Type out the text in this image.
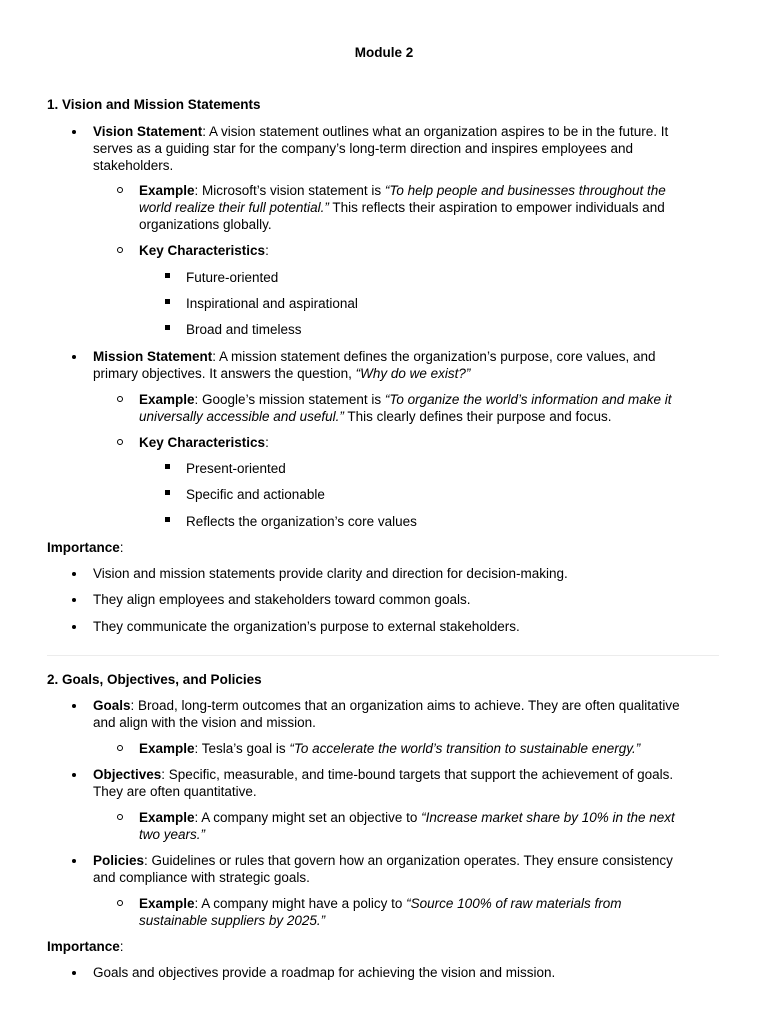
Module 2
1. Vision and Mission Statements
Vision Statement: A vision statement outlines what an organization aspires to be in the future. It
serves as a guiding star for the company’s long-term direction and inspires employees and
stakeholders.
Example: Microsoft’s vision statement is “To help people and businesses throughout the
world realize their full potential.” This reflects their aspiration to empower individuals and
organizations globally.
Key Characteristics:
Future-oriented
Inspirational and aspirational
Broad and timeless
Mission Statement: A mission statement defines the organization’s purpose, core values, and
primary objectives. It answers the question, “Why do we exist?”
Example: Google’s mission statement is “To organize the world’s information and make it
universally accessible and useful.” This clearly defines their purpose and focus.
Key Characteristics:
Present-oriented
Specific and actionable
Reflects the organization’s core values
Importance:
Vision and mission statements provide clarity and direction for decision-making.
They align employees and stakeholders toward common goals.
They communicate the organization’s purpose to external stakeholders.
2. Goals, Objectives, and Policies
Goals: Broad, long-term outcomes that an organization aims to achieve. They are often qualitative
and align with the vision and mission.
Example: Tesla’s goal is “To accelerate the world’s transition to sustainable energy.”
Objectives: Specific, measurable, and time-bound targets that support the achievement of goals.
They are often quantitative.
Example: A company might set an objective to “Increase market share by 10% in the next
two years.”
Policies: Guidelines or rules that govern how an organization operates. They ensure consistency
and compliance with strategic goals.
Example: A company might have a policy to “Source 100% of raw materials from
sustainable suppliers by 2025.”
Importance:
Goals and objectives provide a roadmap for achieving the vision and mission.
